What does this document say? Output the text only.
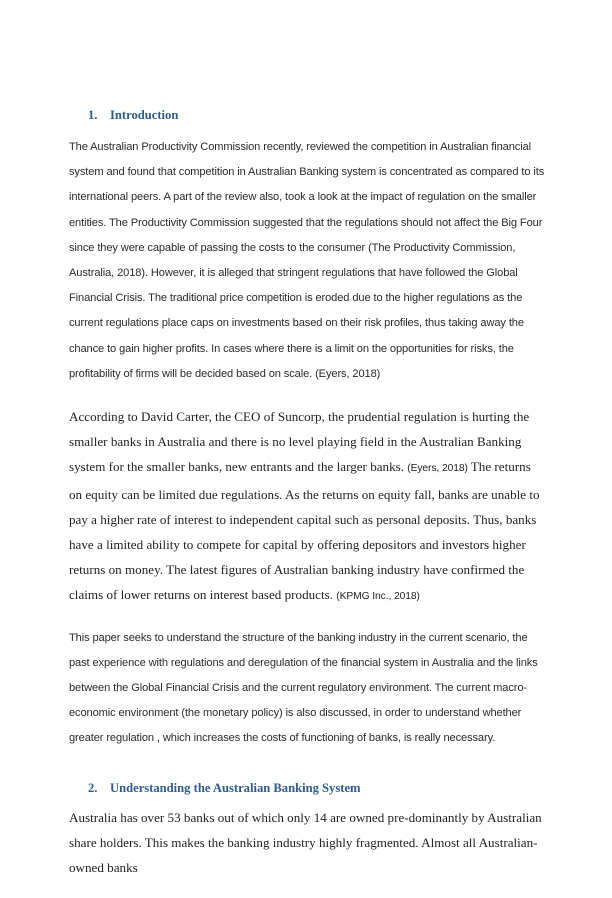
1. Introduction

The Australian Productivity Commission recently, reviewed the competition in Australian financial system and found that competition in Australian Banking system is concentrated as compared to its international peers. A part of the review also, took a look at the impact of regulation on the smaller entities. The Productivity Commission suggested that the regulations should not affect the Big Four since they were capable of passing the costs to the consumer (The Productivity Commission, Australia, 2018). However, it is alleged that stringent regulations that have followed the Global Financial Crisis. The traditional price competition is eroded due to the higher regulations as the current regulations place caps on investments based on their risk profiles, thus taking away the chance to gain higher profits. In cases where there is a limit on the opportunities for risks, the profitability of firms will be decided based on scale. (Eyers, 2018)

According to David Carter, the CEO of Suncorp, the prudential regulation is hurting the smaller banks in Australia and there is no level playing field in the Australian Banking system for the smaller banks, new entrants and the larger banks. (Eyers, 2018) The returns on equity can be limited due regulations. As the returns on equity fall, banks are unable to pay a higher rate of interest to independent capital such as personal deposits. Thus, banks have a limited ability to compete for capital by offering depositors and investors higher returns on money. The latest figures of Australian banking industry have confirmed the claims of lower returns on interest based products. (KPMG Inc., 2018)

This paper seeks to understand the structure of the banking industry in the current scenario, the past experience with regulations and deregulation of the financial system in Australia and the links between the Global Financial Crisis and the current regulatory environment. The current macro-economic environment (the monetary policy) is also discussed, in order to understand whether greater regulation , which increases the costs of functioning of banks, is really necessary.

2. Understanding the Australian Banking System

Australia has over 53 banks out of which only 14 are owned pre-dominantly by Australian share holders. This makes the banking industry highly fragmented. Almost all Australian-owned banks
